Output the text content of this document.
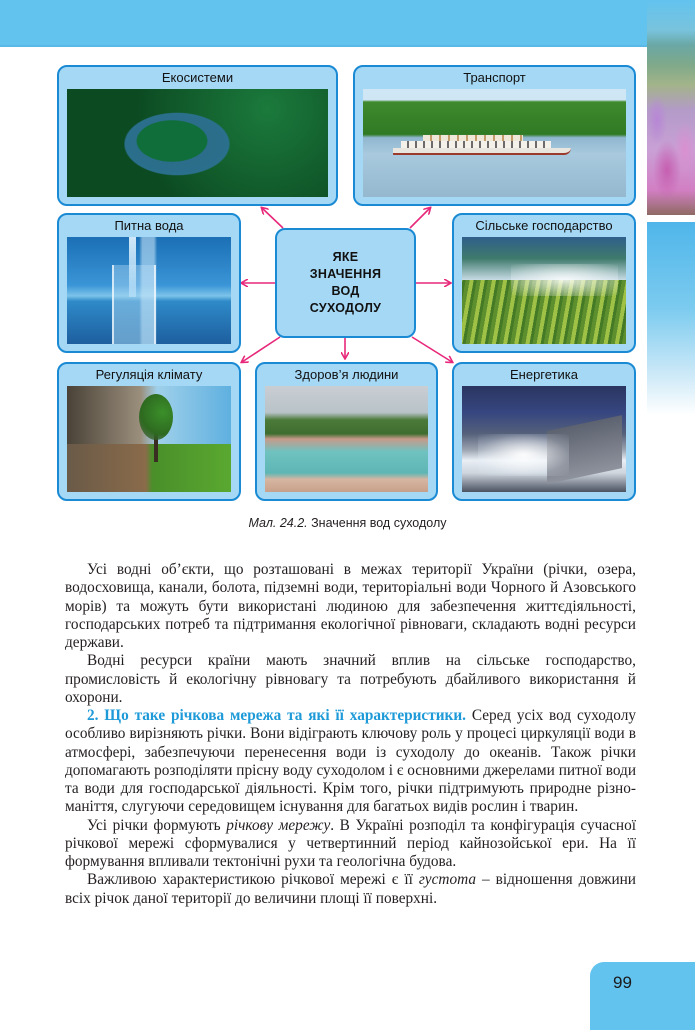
Екосистеми	Транспорт
Питна вода
ЯКЕ
ЗНАЧЕННЯ
ВОД
СУХОДОЛУ
Сільське господарство
Регуляція клімату	Здоров’я людини	Енергетика
Мал. 24.2. Значення вод суходолу

Усі водні об’єкти, що розташовані в межах території України (річки, озера, водосховища, канали, болота, підземні води, територіальні води Чорного й Азовського морів) та можуть бути використані людиною для забезпечення життєдіяльності, господарських потреб та підтримання екологічної рівноваги, складають водні ресурси держави.

Водні ресурси країни мають значний вплив на сільське господарство, промисловість й екологічну рівновагу та потребують дбайливого використання й охорони.

2. Що таке річкова мережа та які її характеристики. Серед усіх вод суходолу особливо вирізняють річки. Вони відіграють ключову роль у процесі циркуляції води в атмосфері, забезпечуючи перенесення води із суходолу до океанів. Також річки допомагають розподіляти прісну воду суходолом і є основними джерелами питної води та води для господарської діяльності. Крім того, річки підтримують природне різноманіття, слугуючи середовищем існування для багатьох видів рослин і тварин.

Усі річки формують річкову мережу. В Україні розподіл та конфігурація сучасної річкової мережі сформувалися у четвертинний період кайнозойської ери. На її формування впливали тектонічні рухи та геологічна будова.

Важливою характеристикою річкової мережі є її густота – відношення довжини всіх річок даної території до величини площі її поверхні.

99
